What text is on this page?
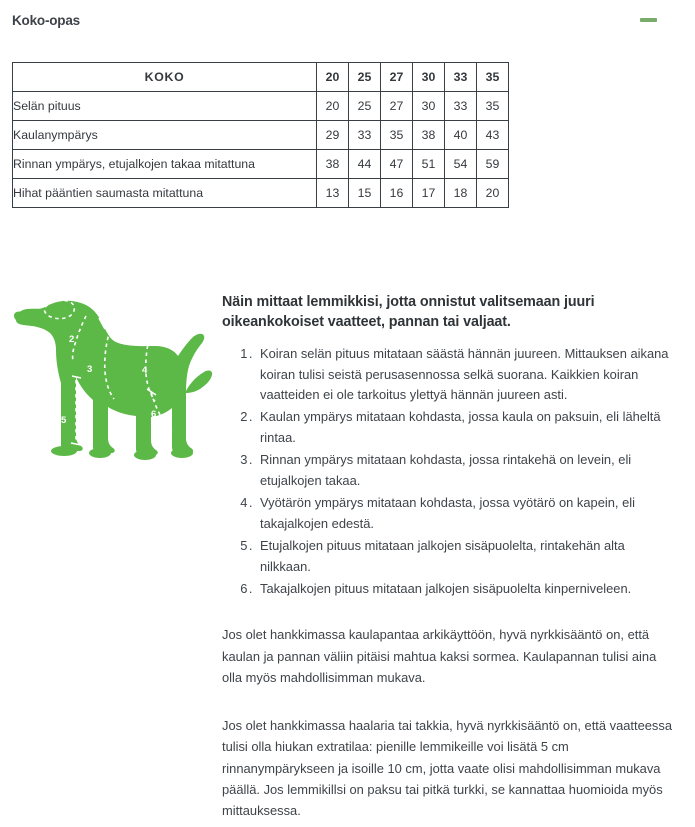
Koko-opas
KOKO	20	25	27	30	33	35
Selän pituus	20	25	27	30	33	35
Kaulanympärys	29	33	35	38	40	43
Rinnan ympärys, etujalkojen takaa mitattuna	38	44	47	51	54	59
Hihat pääntien saumasta mitattuna	13	15	16	17	18	20
1
2
3	4
5
6
Näin mittaat lemmikkisi, jotta onnistut valitsemaan juuri oikeankokoiset vaatteet, pannan tai valjaat.
Koiran selän pituus mitataan säästä hännän juureen. Mittauksen aikana koiran tulisi seistä perusasennossa selkä suorana. Kaikkien koiran vaatteiden ei ole tarkoitus ylettyä hännän juureen asti.
Kaulan ympärys mitataan kohdasta, jossa kaula on paksuin, eli läheltä rintaa.
Rinnan ympärys mitataan kohdasta, jossa rintakehä on levein, eli etujalkojen takaa.
Vyötärön ympärys mitataan kohdasta, jossa vyötärö on kapein, eli takajalkojen edestä.
Etujalkojen pituus mitataan jalkojen sisäpuolelta, rintakehän alta nilkkaan.
Takajalkojen pituus mitataan jalkojen sisäpuolelta kinperniveleen.

Jos olet hankkimassa kaulapantaa arkikäyttöön, hyvä nyrkkisääntö on, että kaulan ja pannan väliin pitäisi mahtua kaksi sormea. Kaulapannan tulisi aina olla myös mahdollisimman mukava.

Jos olet hankkimassa haalaria tai takkia, hyvä nyrkkisääntö on, että vaatteessa tulisi olla hiukan extratilaa: pienille lemmikeille voi lisätä 5 cm rinnanympärykseen ja isoille 10 cm, jotta vaate olisi mahdollisimman mukava päällä. Jos lemmikillsi on paksu tai pitkä turkki, se kannattaa huomioida myös mittauksessa.
